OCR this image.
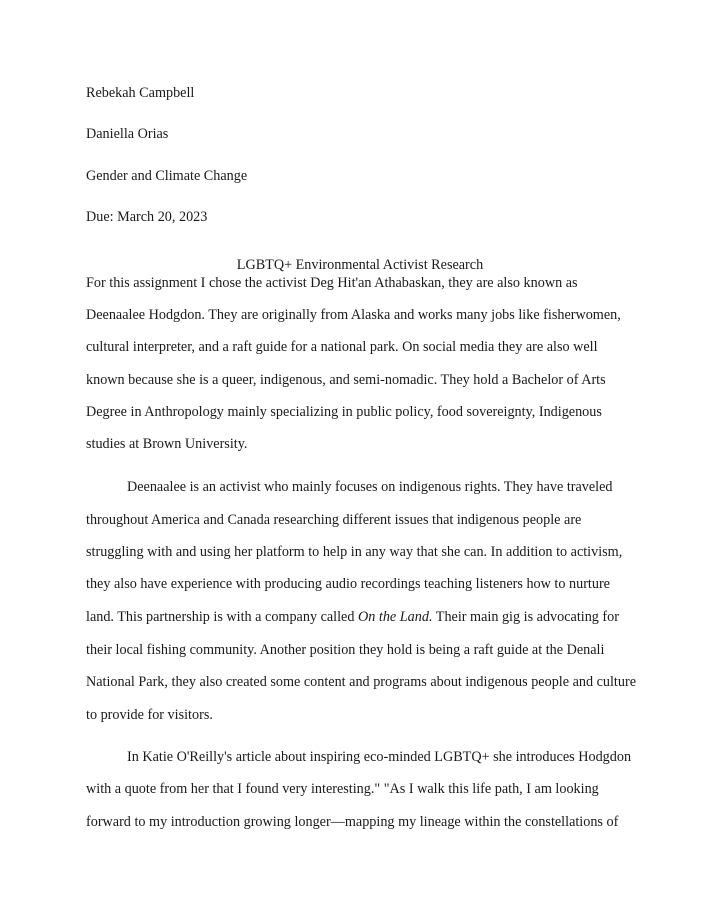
Rebekah Campbell
Daniella Orias
Gender and Climate Change
Due: March 20, 2023
LGBTQ+ Environmental Activist Research
For this assignment I chose the activist Deg Hit'an Athabaskan, they are also known as
Deenaalee Hodgdon. They are originally from Alaska and works many jobs like fisherwomen,
cultural interpreter, and a raft guide for a national park. On social media they are also well
known because she is a queer, indigenous, and semi-nomadic. They hold a Bachelor of Arts
Degree in Anthropology mainly specializing in public policy, food sovereignty, Indigenous
studies at Brown University.
Deenaalee is an activist who mainly focuses on indigenous rights. They have traveled
throughout America and Canada researching different issues that indigenous people are
struggling with and using her platform to help in any way that she can. In addition to activism,
they also have experience with producing audio recordings teaching listeners how to nurture
land. This partnership is with a company called On the Land. Their main gig is advocating for
their local fishing community. Another position they hold is being a raft guide at the Denali
National Park, they also created some content and programs about indigenous people and culture
to provide for visitors.
In Katie O'Reilly's article about inspiring eco-minded LGBTQ+ she introduces Hodgdon
with a quote from her that I found very interesting." "As I walk this life path, I am looking
forward to my introduction growing longer—mapping my lineage within the constellations of
